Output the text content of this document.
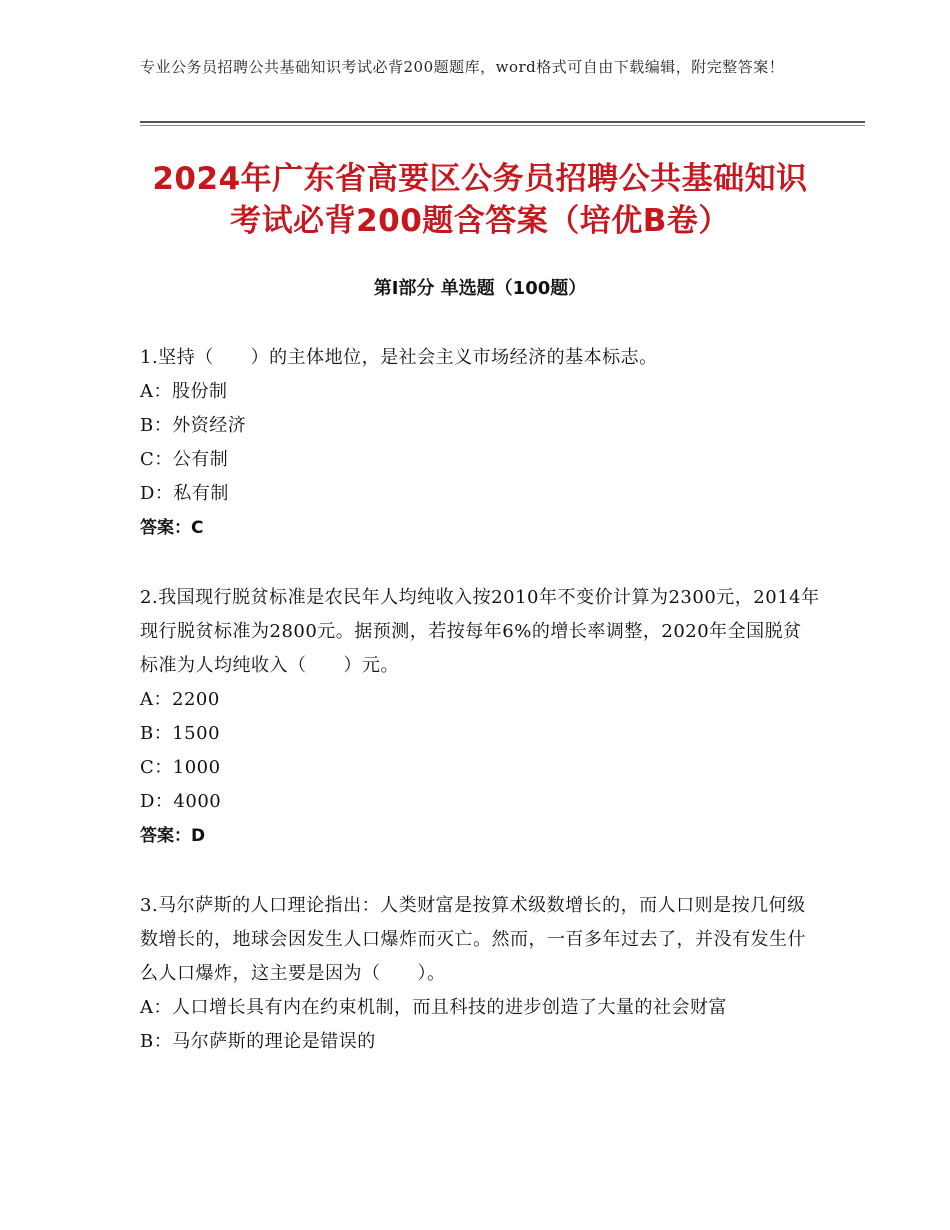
专业公务员招聘公共基础知识考试必背200题题库，word格式可自由下载编辑，附完整答案！
2024年广东省高要区公务员招聘公共基础知识考试必背200题含答案（培优B卷）
第Ⅰ部分 单选题（100题）

1.坚持（　　）的主体地位，是社会主义市场经济的基本标志。

A：股份制

B：外资经济

C：公有制

D：私有制

答案：C

2.我国现行脱贫标准是农民年人均纯收入按2010年不变价计算为2300元，2014年现行脱贫标准为2800元。据预测，若按每年6%的增长率调整，2020年全国脱贫标准为人均纯收入（　　）元。

A：2200

B：1500

C：1000

D：4000

答案：D

3.马尔萨斯的人口理论指出：人类财富是按算术级数增长的，而人口则是按几何级数增长的，地球会因发生人口爆炸而灭亡。然而，一百多年过去了，并没有发生什么人口爆炸，这主要是因为（　　）。

A：人口增长具有内在约束机制，而且科技的进步创造了大量的社会财富

B：马尔萨斯的理论是错误的
